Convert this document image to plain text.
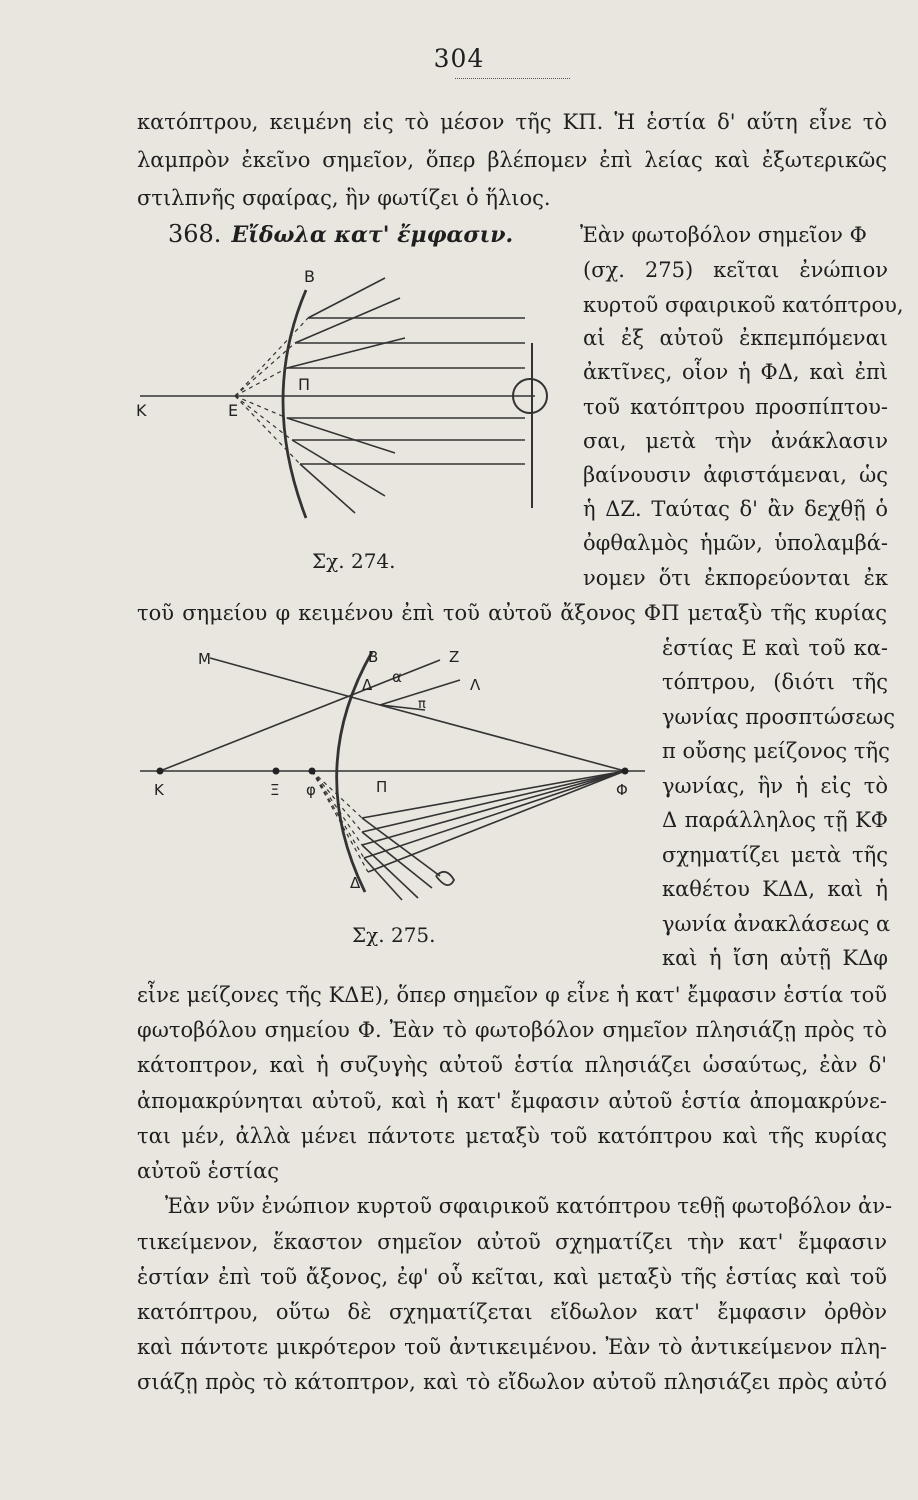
304
κατόπτρου, κειμένη εἰς τὸ μέσον τῆς ΚΠ. Ἡ ἑστία δ' αὕτη εἶνε τὸ
λαμπρὸν ἐκεῖνο σημεῖον, ὅπερ βλέπομεν ἐπὶ λείας καὶ ἐξωτερικῶς
στιλπνῆς σφαίρας, ἣν φωτίζει ὁ ἥλιος.
368. Εἴδωλα κατ' ἔμφασιν.	Ἐὰν φωτοβόλον σημεῖον Φ
(σχ. 275) κεῖται ἐνώπιον
κυρτοῦ σφαιρικοῦ κατόπτρου,
αἱ ἐξ αὐτοῦ ἐκπεμπόμεναι
ἀκτῖνες, οἷον ἡ ΦΔ, καὶ ἐπὶ
τοῦ κατόπτρου προσπίπτου-
σαι, μετὰ τὴν ἀνάκλασιν
βαίνουσιν ἀφιστάμεναι, ὡς
ἡ ΔΖ. Ταύτας δ' ἂν δεχθῇ ὁ
ὀφθαλμὸς ἡμῶν, ὑπολαμβά-
νομεν ὅτι ἐκπορεύονται ἐκ
B
K	E
Π
Σχ. 274.
τοῦ σημείου φ κειμένου ἐπὶ τοῦ αὐτοῦ ἄξονος ΦΠ μεταξὺ τῆς κυρίας
ἑστίας Ε καὶ τοῦ κα-
τόπτρου, (διότι τῆς
γωνίας προσπτώσεως
π οὔσης μείζονος τῆς
γωνίας, ἣν ἡ εἰς τὸ
Δ παράλληλος τῇ ΚΦ
σχηματίζει μετὰ τῆς
καθέτου ΚΔΔ, καὶ ἡ
γωνία ἀνακλάσεως α
καὶ ἡ ἴση αὐτῇ ΚΔφ
M	B	Z
Δ α	Λ
π
K	Ξ φ	Π	Φ
Δ
Σχ. 275.
εἶνε μείζονες τῆς ΚΔΕ), ὅπερ σημεῖον φ εἶνε ἡ κατ' ἔμφασιν ἑστία τοῦ
φωτοβόλου σημείου Φ. Ἐὰν τὸ φωτοβόλον σημεῖον πλησιάζῃ πρὸς τὸ
κάτοπτρον, καὶ ἡ συζυγὴς αὐτοῦ ἑστία πλησιάζει ὡσαύτως, ἐὰν δ'
ἀπομακρύνηται αὐτοῦ, καὶ ἡ κατ' ἔμφασιν αὐτοῦ ἑστία ἀπομακρύνε-
ται μέν, ἀλλὰ μένει πάντοτε μεταξὺ τοῦ κατόπτρου καὶ τῆς κυρίας
αὐτοῦ ἑστίας
Ἐὰν νῦν ἐνώπιον κυρτοῦ σφαιρικοῦ κατόπτρου τεθῇ φωτοβόλον ἀν-
τικείμενον, ἕκαστον σημεῖον αὐτοῦ σχηματίζει τὴν κατ' ἔμφασιν
ἑστίαν ἐπὶ τοῦ ἄξονος, ἐφ' οὗ κεῖται, καὶ μεταξὺ τῆς ἑστίας καὶ τοῦ
κατόπτρου, οὕτω δὲ σχηματίζεται εἴδωλον κατ' ἔμφασιν ὀρθὸν
καὶ πάντοτε μικρότερον τοῦ ἀντικειμένου. Ἐὰν τὸ ἀντικείμενον πλη-
σιάζῃ πρὸς τὸ κάτοπτρον, καὶ τὸ εἴδωλον αὐτοῦ πλησιάζει πρὸς αὐτό
